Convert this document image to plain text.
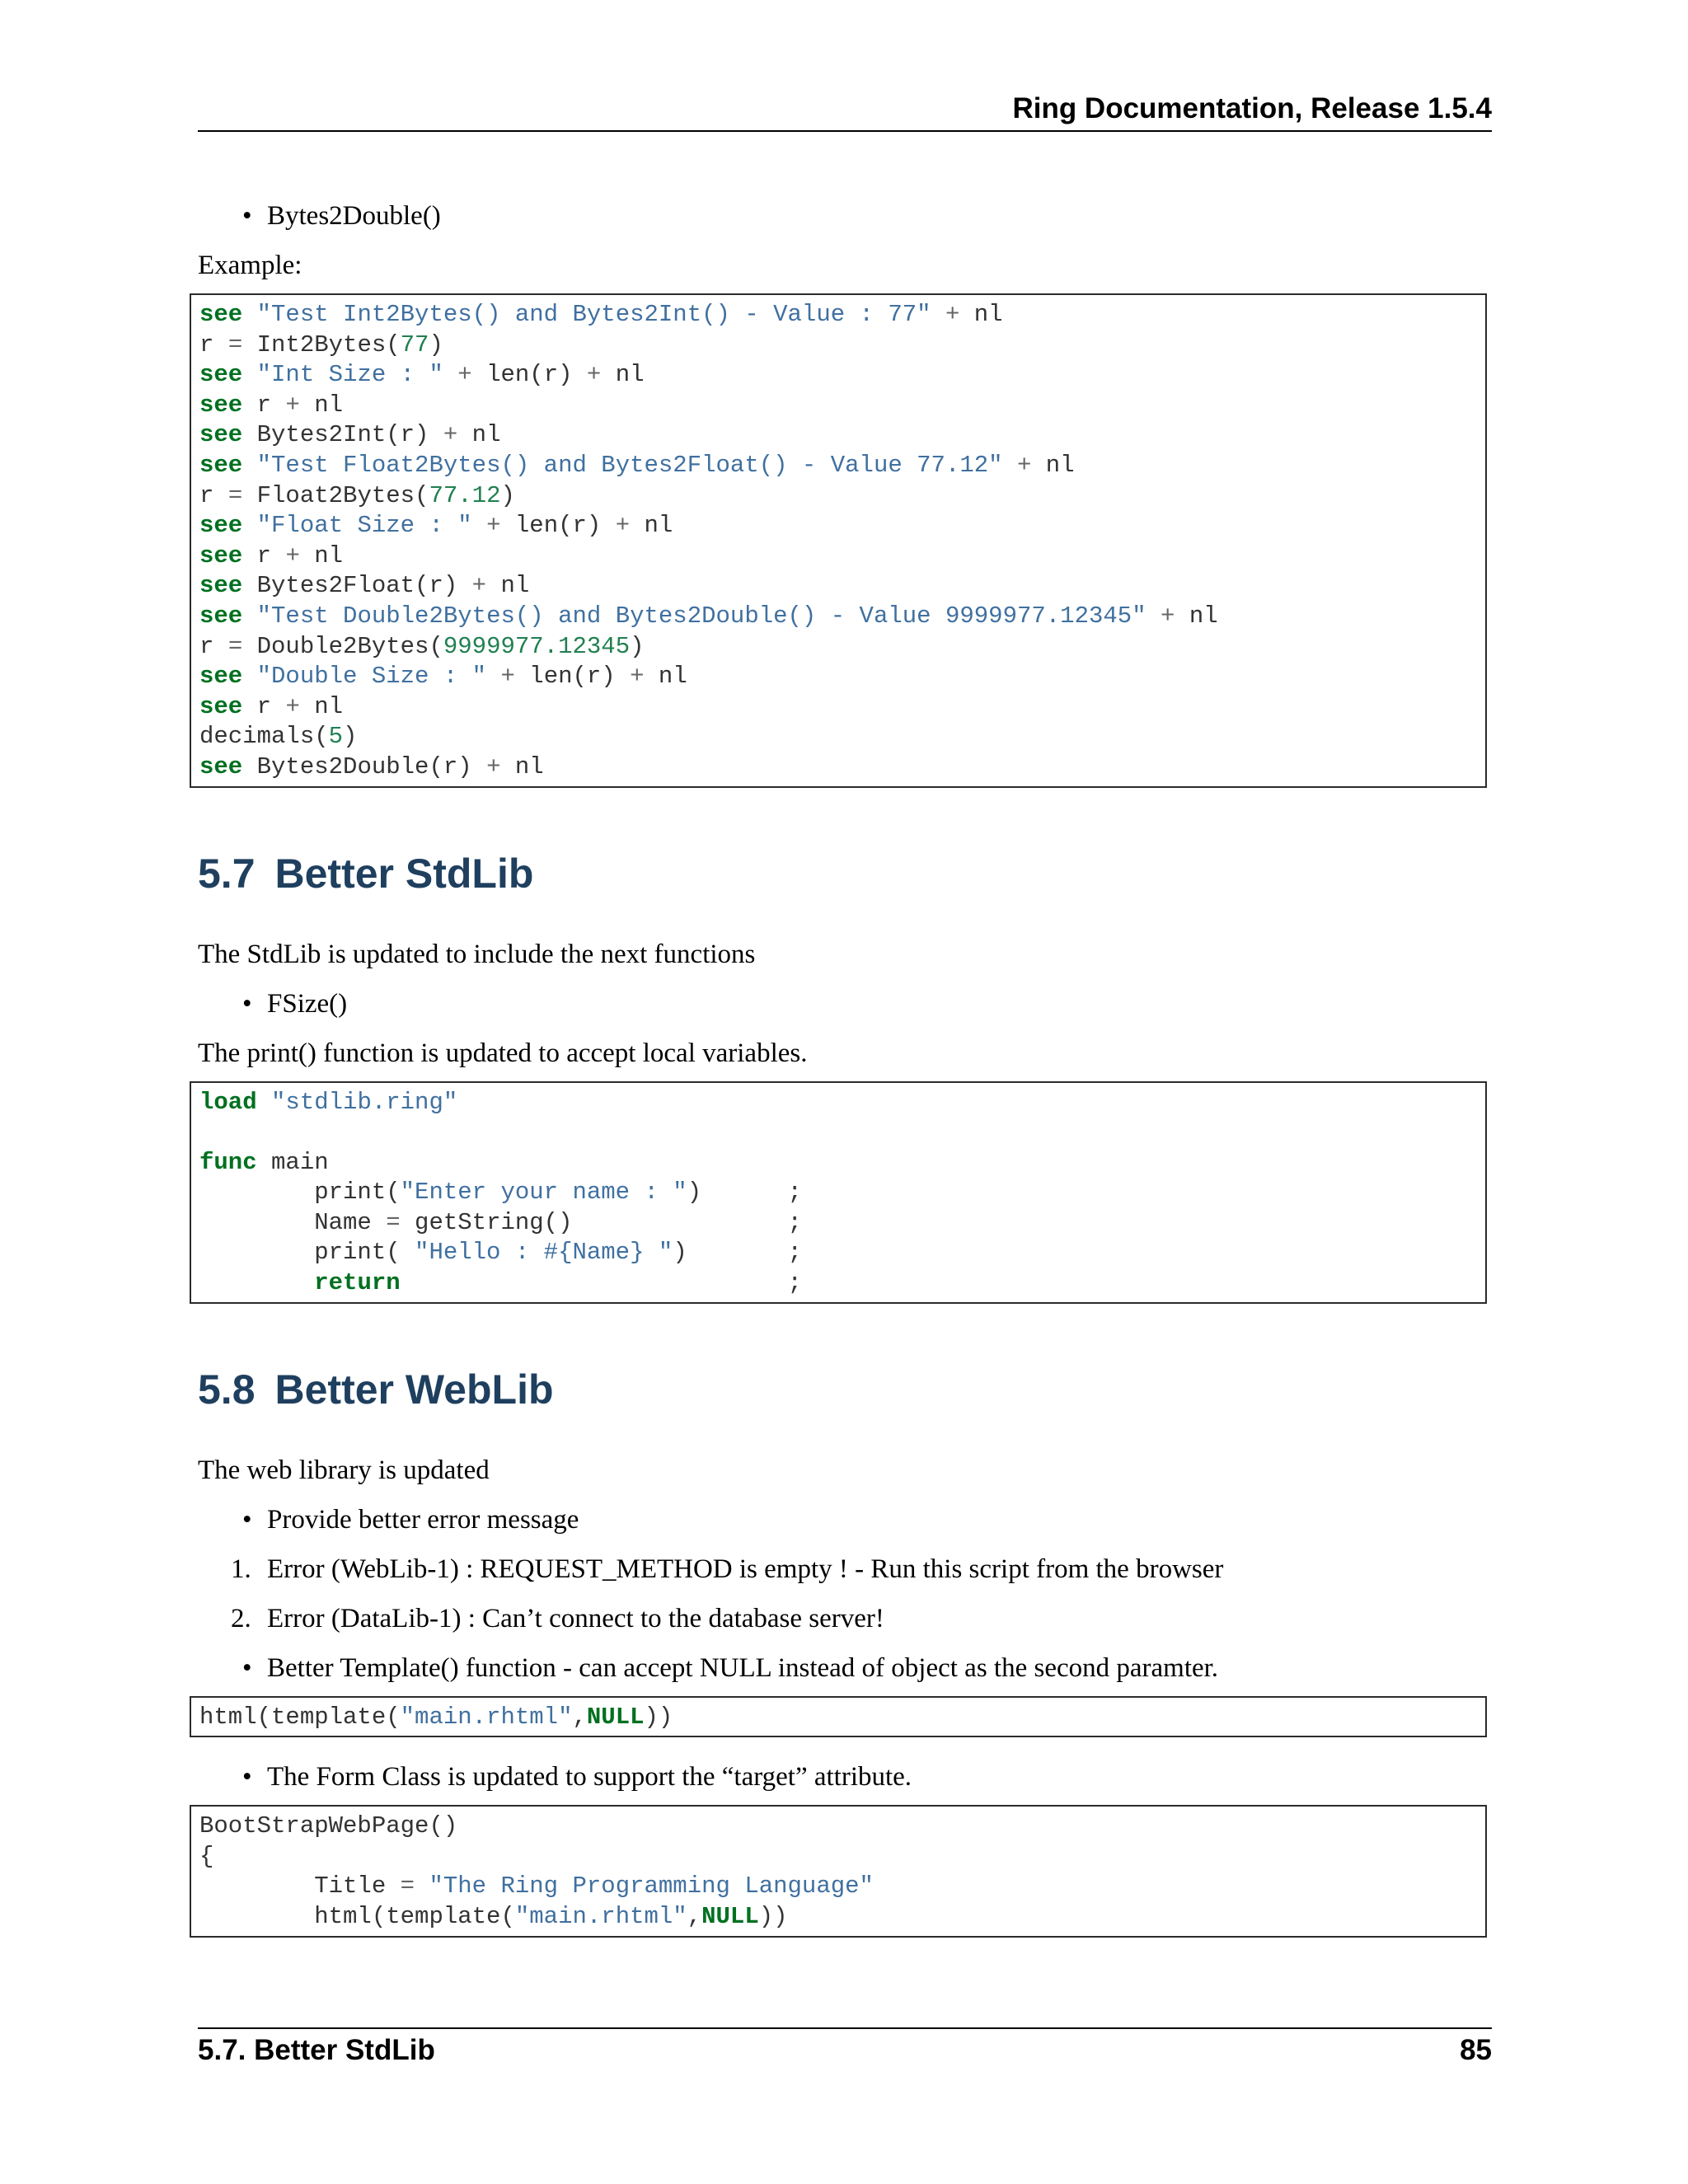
Ring Documentation, Release 1.5.4
• Bytes2Double()

Example:

see "Test Int2Bytes() and Bytes2Int() - Value : 77" + nl
r = Int2Bytes(77)
see "Int Size : " + len(r) + nl
see r + nl
see Bytes2Int(r) + nl
see "Test Float2Bytes() and Bytes2Float() - Value 77.12" + nl
r = Float2Bytes(77.12)
see "Float Size : " + len(r) + nl
see r + nl
see Bytes2Float(r) + nl
see "Test Double2Bytes() and Bytes2Double() - Value 9999977.12345" + nl
r = Double2Bytes(9999977.12345)
see "Double Size : " + len(r) + nl
see r + nl
decimals(5)
see Bytes2Double(r) + nl
5.7 Better StdLib

The StdLib is updated to include the next functions

• FSize()

The print() function is updated to accept local variables.

load "stdlib.ring"
func main
print("Enter your name : ")      ;
Name = getString()               ;
print( "Hello : #{Name} ")       ;
return                           ;
5.8 Better WebLib

The web library is updated

• Provide better error message
1. Error (WebLib-1) : REQUEST_METHOD is empty ! - Run this script from the browser
2. Error (DataLib-1) : Can’t connect to the database server!
• Better Template() function - can accept NULL instead of object as the second paramter.
html(template("main.rhtml",NULL))
• The Form Class is updated to support the “target” attribute.
BootStrapWebPage()
{
Title = "The Ring Programming Language"
html(template("main.rhtml",NULL))
5.7. Better StdLib	85
